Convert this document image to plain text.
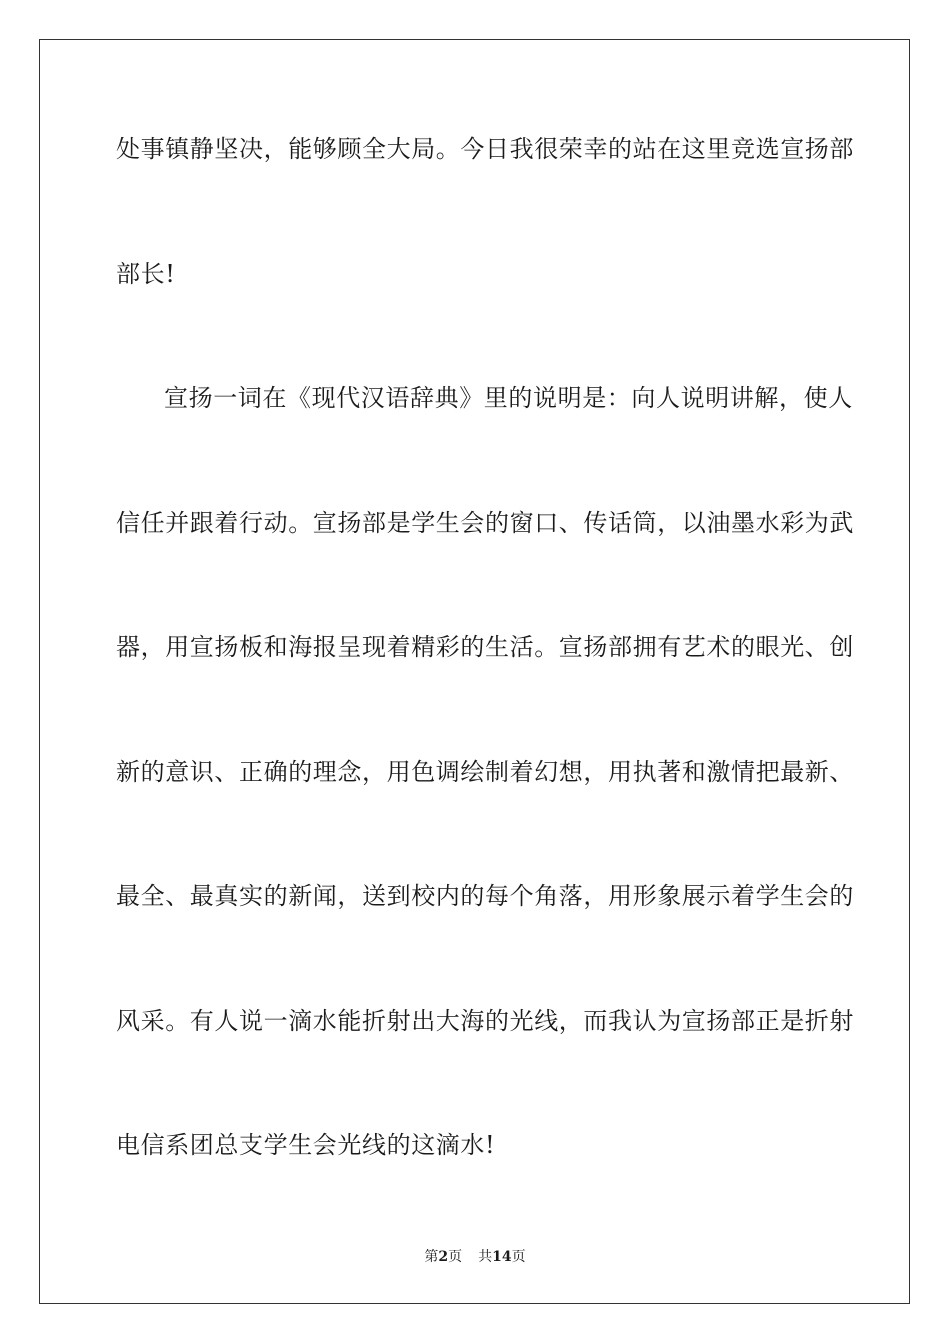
处事镇静坚决，能够顾全大局。今日我很荣幸的站在这里竞选宣扬部
部长!
宣扬一词在《现代汉语辞典》里的说明是：向人说明讲解，使人
信任并跟着行动。宣扬部是学生会的窗口、传话筒，以油墨水彩为武
器，用宣扬板和海报呈现着精彩的生活。宣扬部拥有艺术的眼光、创
新的意识、正确的理念，用色调绘制着幻想，用执著和激情把最新、
最全、最真实的新闻，送到校内的每个角落，用形象展示着学生会的
风采。有人说一滴水能折射出大海的光线，而我认为宣扬部正是折射
电信系团总支学生会光线的这滴水!
第2页 共14页
